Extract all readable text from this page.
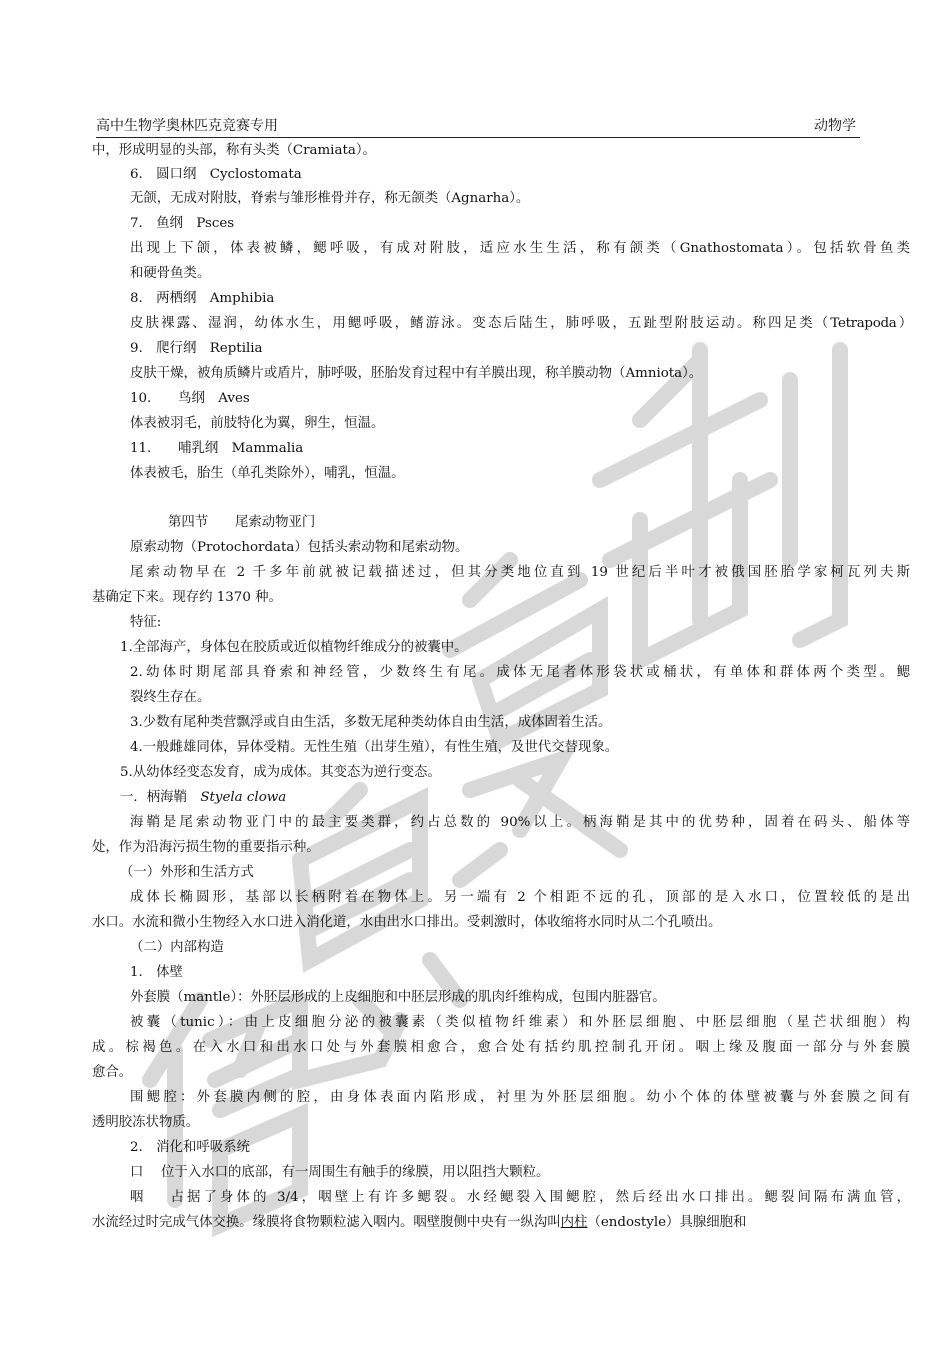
高中生物学奥林匹克竞赛专用	动物学
中，形成明显的头部，称有头类（Cramiata）。
6.　圆口纲　Cyclostomata
无颌，无成对附肢，脊索与雏形椎骨并存，称无颌类（Agnarha）。
7.　鱼纲　Psces
出现上下颌，体表被鳞，鳃呼吸，有成对附肢，适应水生生活，称有颌类（Gnathostomata）。包括软骨鱼类
和硬骨鱼类。
8.　两栖纲　Amphibia
皮肤裸露、湿润，幼体水生，用鳃呼吸，鳍游泳。变态后陆生，肺呼吸，五趾型附肢运动。称四足类（Tetrapoda）
9.　爬行纲　Reptilia
皮肤干燥，被角质鳞片或盾片，肺呼吸，胚胎发育过程中有羊膜出现，称羊膜动物（Amniota）。
10.　　鸟纲　Aves
体表被羽毛，前肢特化为翼，卵生，恒温。
11.　　哺乳纲　Mammalia
体表被毛，胎生（单孔类除外），哺乳，恒温。
第四节　　尾索动物亚门
原索动物（Protochordata）包括头索动物和尾索动物。
尾索动物早在 2 千多年前就被记载描述过，但其分类地位直到 19 世纪后半叶才被俄国胚胎学家柯瓦列夫斯
基确定下来。现存约 1370 种。
特征:
1.全部海产，身体包在胶质或近似植物纤维成分的被囊中。
2.幼体时期尾部具脊索和神经管，少数终生有尾。成体无尾者体形袋状或桶状，有单体和群体两个类型。鳃
裂终生存在。
3.少数有尾种类营飘浮或自由生活，多数无尾种类幼体自由生活，成体固着生活。
4.一般雌雄同体，异体受精。无性生殖（出芽生殖），有性生殖，及世代交替现象。
5.从幼体经变态发育，成为成体。其变态为逆行变态。
一．柄海鞘　Styela clowa
海鞘是尾索动物亚门中的最主要类群，约占总数的 90%以上。柄海鞘是其中的优势种，固着在码头、船体等
处，作为沿海污损生物的重要指示种。
（一）外形和生活方式
成体长椭圆形，基部以长柄附着在物体上。另一端有 2 个相距不远的孔，顶部的是入水口，位置较低的是出
水口。水流和微小生物经入水口进入消化道，水由出水口排出。受刺激时，体收缩将水同时从二个孔喷出。
（二）内部构造
1.　体壁
外套膜（mantle）：外胚层形成的上皮细胞和中胚层形成的肌肉纤维构成，包围内脏器官。
被囊（tunic）：由上皮细胞分泌的被囊素（类似植物纤维素）和外胚层细胞、中胚层细胞（星芒状细胞）构
成。棕褐色。在入水口和出水口处与外套膜相愈合，愈合处有括约肌控制孔开闭。咽上缘及腹面一部分与外套膜
愈合。
围鳃腔：外套膜内侧的腔，由身体表面内陷形成，衬里为外胚层细胞。幼小个体的体壁被囊与外套膜之间有
透明胶冻状物质。
2.　消化和呼吸系统
口　 位于入水口的底部，有一周围生有触手的缘膜，用以阻挡大颗粒。
咽　 占据了身体的 3/4，咽壁上有许多鳃裂。水经鳃裂入围鳃腔，然后经出水口排出。鳃裂间隔布满血管，
水流经过时完成气体交换。缘膜将食物颗粒滤入咽内。咽壁腹侧中央有一纵沟叫内柱（endostyle）具腺细胞和
